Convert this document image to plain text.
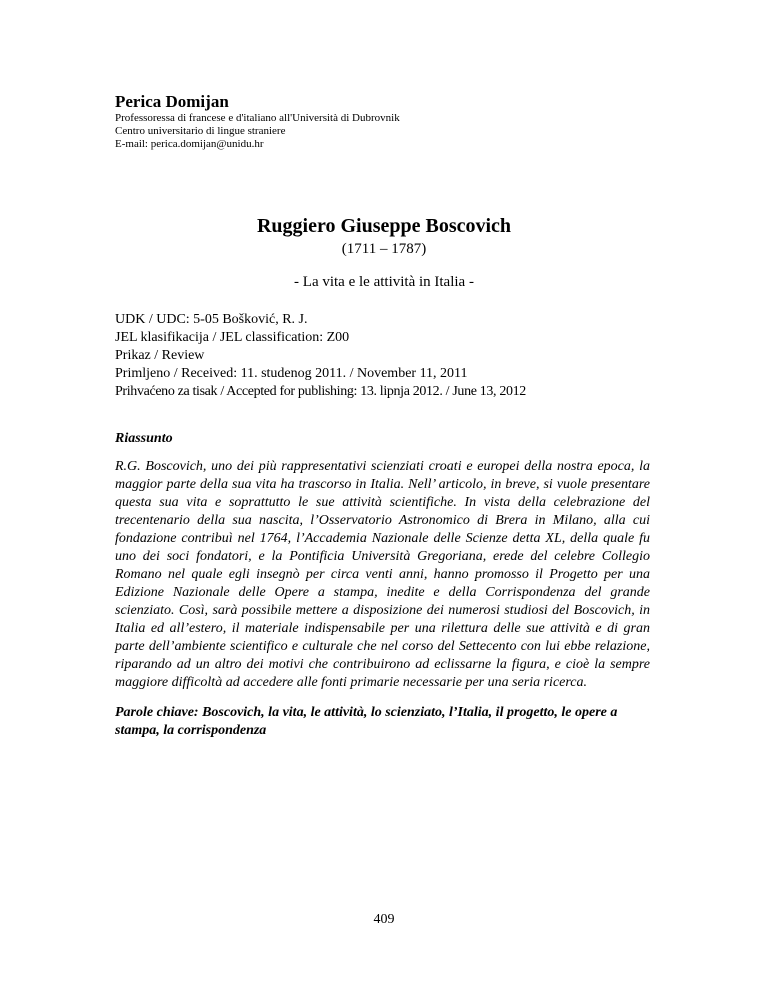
Perica Domijan

Professoressa di francese e d'italiano all'Università di Dubrovnik

Centro universitario di lingue straniere

E-mail: perica.domijan@unidu.hr

Ruggiero Giuseppe Boscovich

(1711 – 1787)

- La vita e le attività in Italia -

UDK / UDC: 5-05 Bošković, R. J.

JEL klasifikacija / JEL classification: Z00

Prikaz / Review

Primljeno / Received: 11. studenog 2011. / November 11, 2011

Prihvaćeno za tisak / Accepted for publishing: 13. lipnja 2012. / June 13, 2012

Riassunto

R.G. Boscovich, uno dei più rappresentativi scienziati croati e europei della nostra epoca, la maggior parte della sua vita ha trascorso in Italia. Nell’ articolo, in breve, si vuole presentare questa sua vita e soprattutto le sue attività scientifiche. In vista della celebrazione del trecentenario della sua nascita, l’Osservatorio Astronomico di Brera in Milano, alla cui fondazione contribuì nel 1764, l’Accademia Nazionale delle Scienze detta XL, della quale fu uno dei soci fondatori, e la Pontificia Università Gregoriana, erede del celebre Collegio Romano nel quale egli insegnò per circa venti anni, hanno promosso il Progetto per una Edizione Nazionale delle Opere a stampa, inedite e della Corrispondenza del grande scienziato. Così, sarà possibile mettere a disposizione dei numerosi studiosi del Boscovich, in Italia ed all’estero, il materiale indispensabile per una rilettura delle sue attività e di gran parte dell’ambiente scientifico e culturale che nel corso del Settecento con lui ebbe relazione, riparando ad un altro dei motivi che contribuirono ad eclissarne la figura, e cioè la sempre maggiore difficoltà ad accedere alle fonti primarie necessarie per una seria ricerca.

Parole chiave: Boscovich, la vita, le attività, lo scienziato, l’Italia, il progetto, le opere a stampa, la corrispondenza

409
